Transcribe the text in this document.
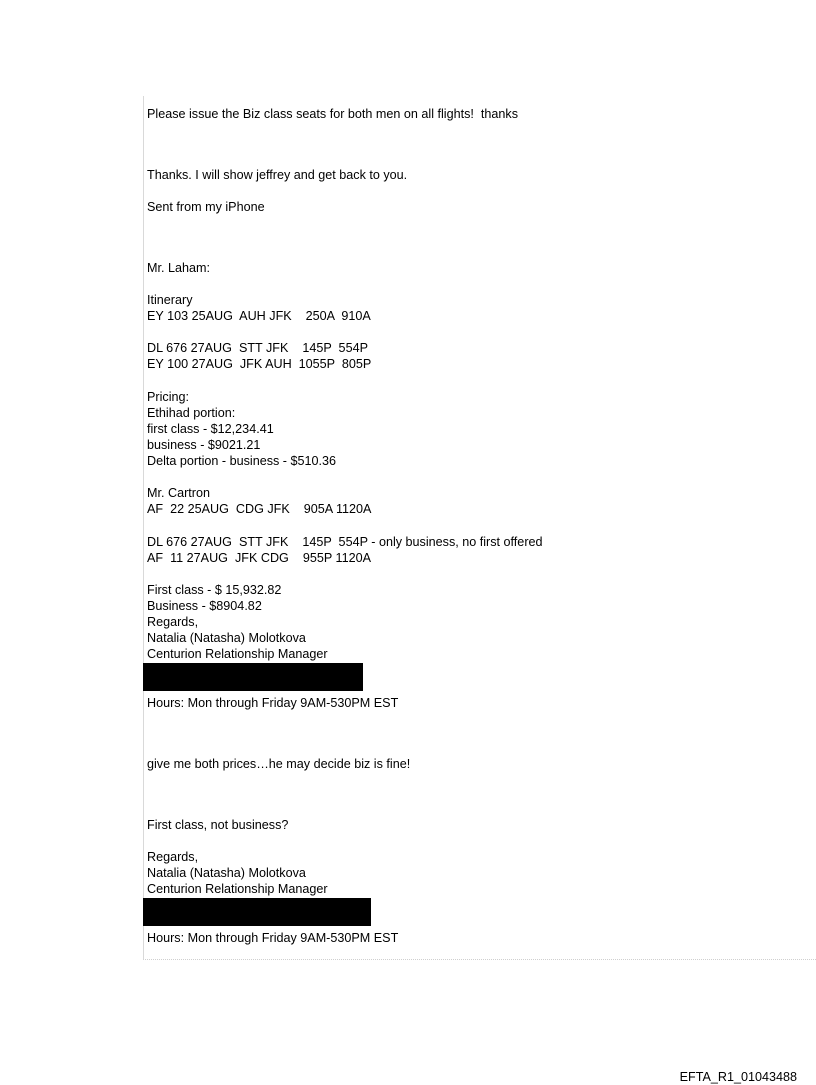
Please issue the Biz class seats for both men on all flights!  thanks

Thanks. I will show jeffrey and get back to you.

Sent from my iPhone

Mr. Laham:

Itinerary

EY 103 25AUG  AUH JFK    250A  910A

DL 676 27AUG  STT JFK    145P  554P

EY 100 27AUG  JFK AUH  1055P  805P

Pricing:

Ethihad portion:

first class - $12,234.41

business - $9021.21

Delta portion - business - $510.36

Mr. Cartron

AF  22 25AUG  CDG JFK    905A 1120A

DL 676 27AUG  STT JFK    145P  554P - only business, no first offered

AF  11 27AUG  JFK CDG    955P 1120A

First class - $ 15,932.82

Business - $8904.82

Regards,

Natalia (Natasha) Molotkova

Centurion Relationship Manager

Hours: Mon through Friday 9AM-530PM EST

give me both prices…he may decide biz is fine!

First class, not business?

Regards,

Natalia (Natasha) Molotkova

Centurion Relationship Manager

Hours: Mon through Friday 9AM-530PM EST

EFTA_R1_01043488
